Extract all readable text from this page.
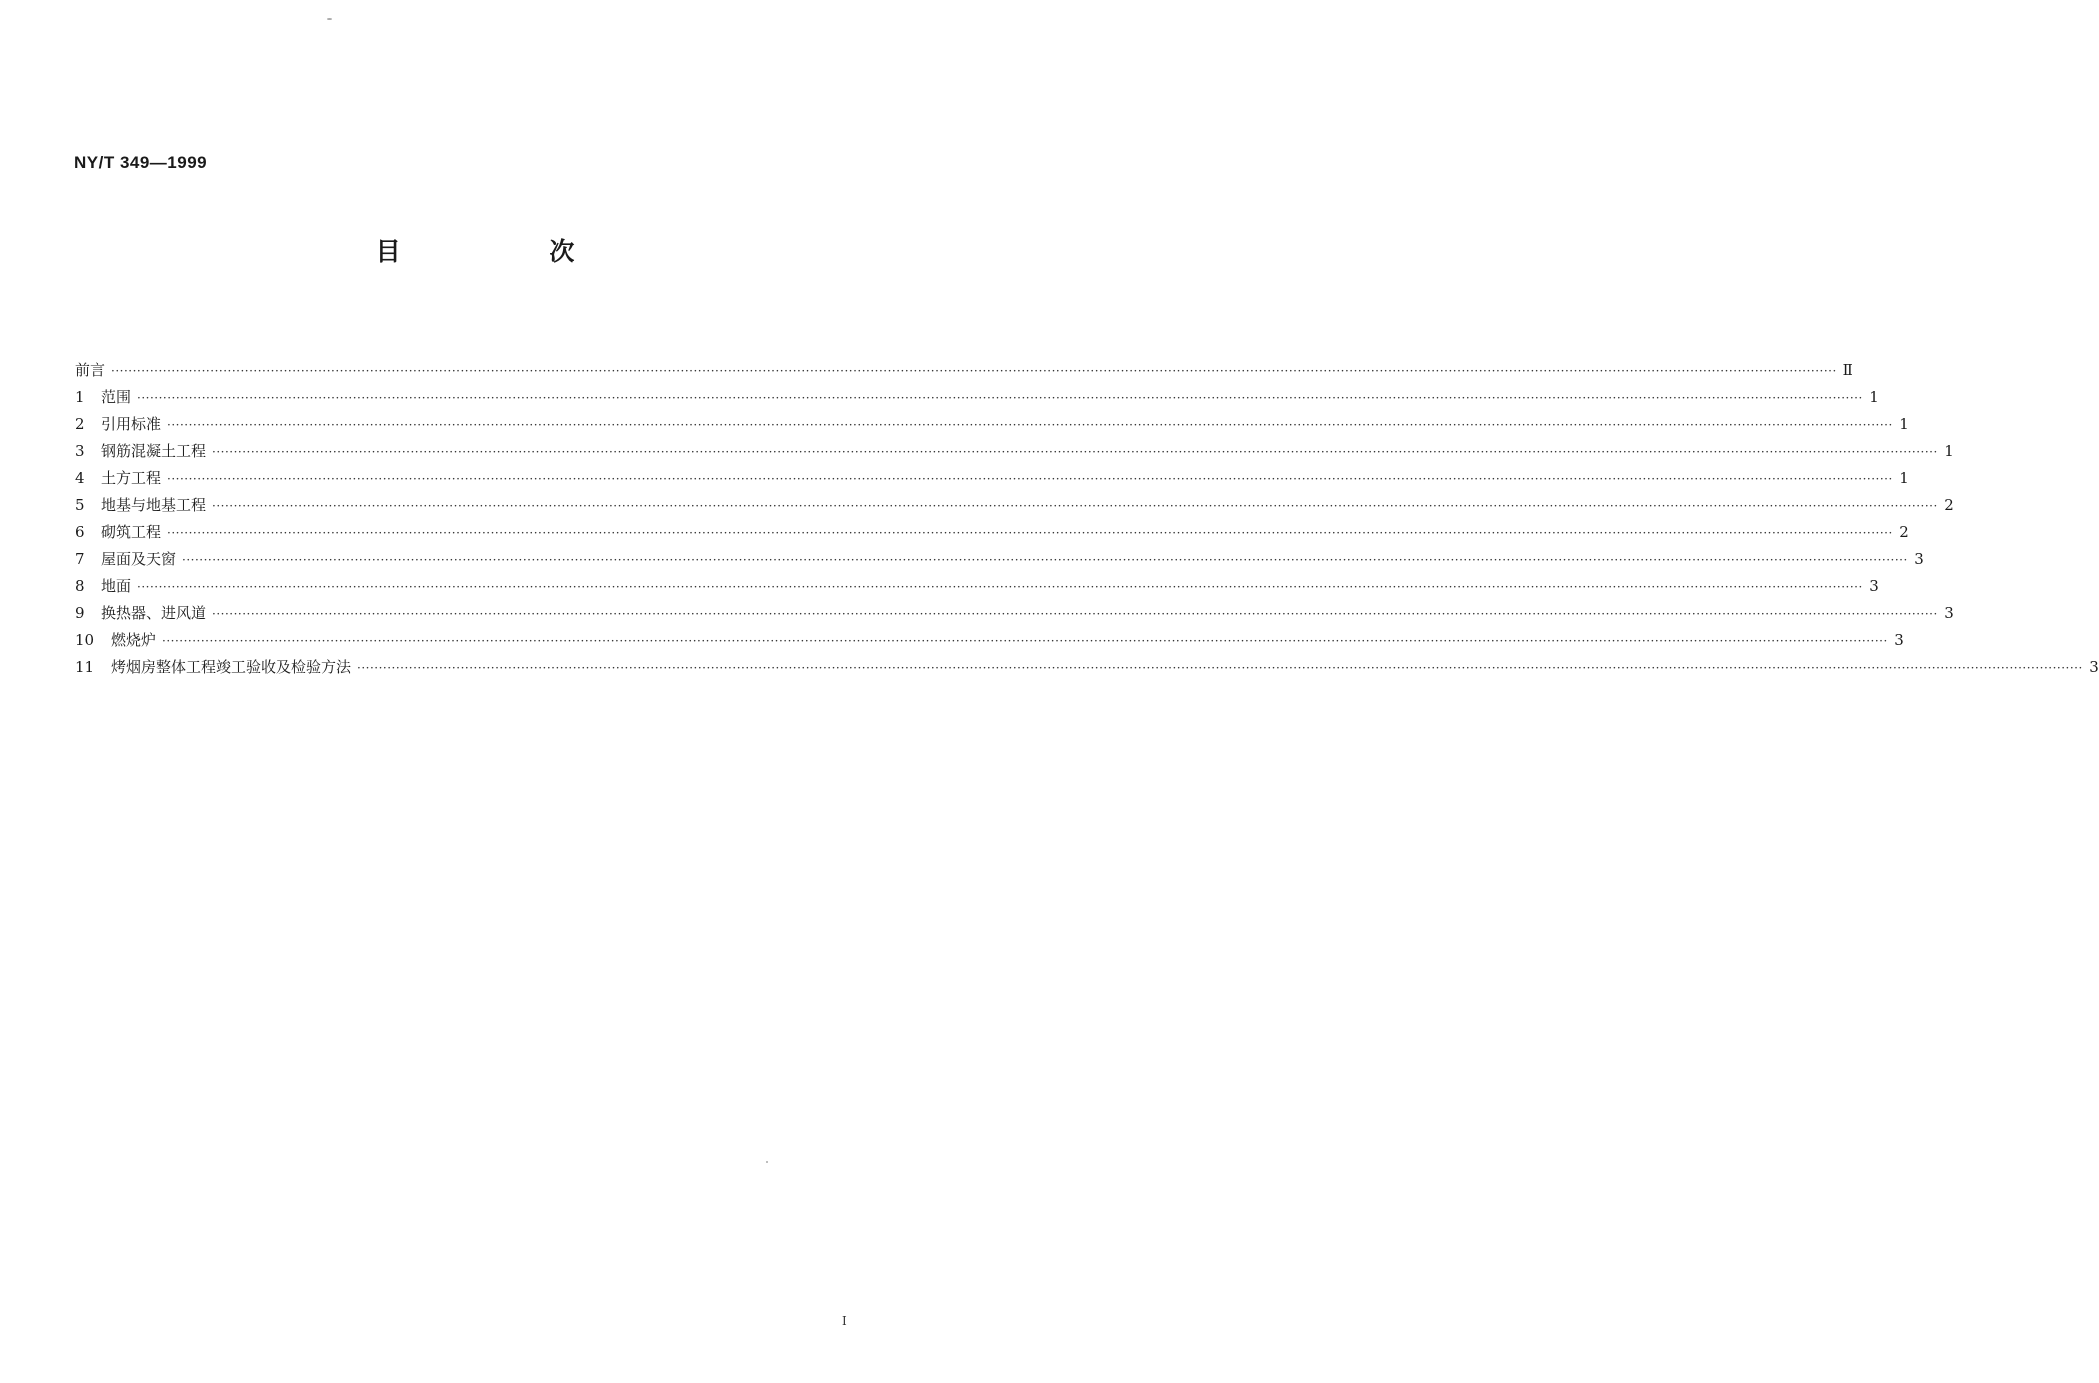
NY/T 349—1999
目 次
前言 ················································································································································································································································································································································································································ Ⅱ
1	范围 ················································································································································································································································································································································································································ 1
2	引用标准 ················································································································································································································································································································································································································ 1
3	钢筋混凝土工程 ················································································································································································································································································································································································································ 1
4	土方工程 ················································································································································································································································································································································································································ 1
5	地基与地基工程 ················································································································································································································································································································································································································ 2
6	砌筑工程 ················································································································································································································································································································································································································ 2
7	屋面及天窗 ················································································································································································································································································································································································································ 3
8	地面 ················································································································································································································································································································································································································ 3
9	换热器、进风道 ················································································································································································································································································································································································································ 3
10	燃烧炉 ················································································································································································································································································································································································································ 3
11	烤烟房整体工程竣工验收及检验方法 ················································································································································································································································································································································································································ 3
I
